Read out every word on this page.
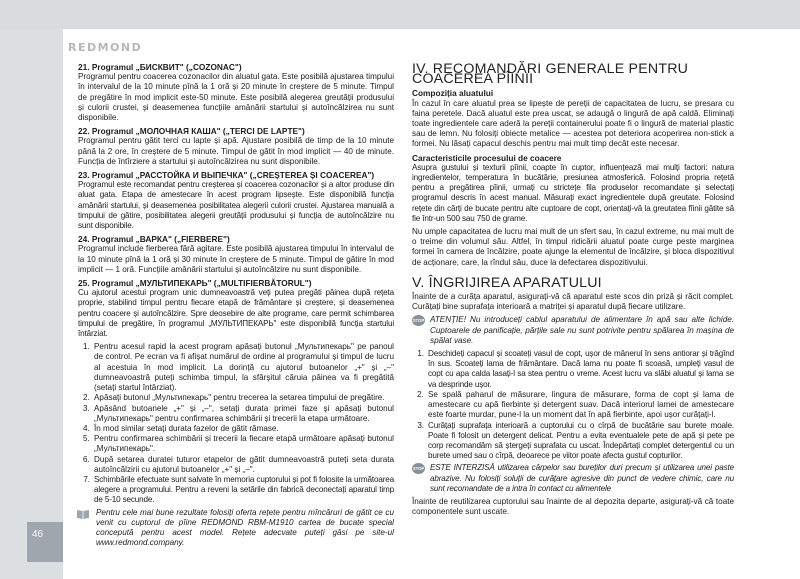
REDMOND
46
21. Programul „БИСКВИТ" („COZONAC")

Programul pentru coacerea cozonacilor din aluatul gata. Este posibilă ajustarea timpului în intervalul de la 10 minute pînă la 1 oră și 20 minute în creștere de 5 minute. Timpul de pregătire în mod implicit este-50 minute. Este posibilă alegerea greutății produsului și culorii crustei, și deasemenea funcțiile amânării startului și autoîncălzirea nu sunt disponibile.

22. Programul „МОЛОЧНАЯ КАША" („TERCI DE LAPTE")

Programul pentru gătit terci cu lapte și apă. Ajustare posibilă de timp de la 10 minute până la 2 ore, în creștere de 5 minute. Timpul de gătit în mod implicit — 40 de minute. Funcția de întîrziere a startului și autoîncălzirea nu sunt disponibile.

23. Programul „РАССТОЙКА И ВЫПЕЧКА" („CREȘTEREA ȘI COACEREA")

Programul este recomandat pentru creșterea și coacerea cozonacilor și a altor produse din aluat gata. Etapa de amestecare în acest program lipsește. Este disponibilă funcția amânării startului, și deasemenea posibilitatea alegerii culorii crustei. Ajustarea manuală a timpului de gătire, posibilitatea alegerii greutății produsului și funcția de autoîncălzire nu sunt disponibile.

24. Programul „ВАРКА" („FIERBERE")

Programul include fierberea fără agitare. Este posibilă ajustarea timpului în intervalul de la 10 minute pînă la 1 oră și 30 minute în creștere de 5 minute. Timpul de gătire în mod implicit — 1 oră. Funcțiile amânării startului și autoîncălzire nu sunt disponibile.

25. Programul „МУЛЬТИПЕКАРЬ" („MULTIFIERBĂTORUL")

Cu ajutorul acestui program unic dumneavoastră veți putea pregăti pâinea după rețeta proprie, stabilind timpul pentru fiecare etapă de frământare și creștere, și deasemenea pentru coacere și autoîncălzire. Spre deosebire de alte programe, care permit schimbarea timpului de pregătire, în programul „МУЛЬТИПЕКАРЬ" este disponibilă funcția startului întârziat.

1. Pentru acesul rapid la acest program apăsați butonul „Мультипекарь" pe panoul de control. Pe ecran va fi afișat numărul de ordine al programului și timpul de lucru al acestuia în mod implicit. La dorință cu ajutorul butoanelor „+" și „–" dumneavoastră puteți schimba timpul, la sfârșitul căruia pâinea va fi pregătită (setați startul întârziat).
2. Apăsați butonul „Мультипекарь" pentru trecerea la setarea timpului de pregătire.
3. Apăsând butoanele „+" și „–", setați durata primei faze și apăsați butonul „Мультипекарь" pentru confirmarea schimbării și trecerii la etapa următoare.
4. În mod similar setați durata fazelor de gătit rămase.
5. Pentru confirmarea schimbării și trecerii la fiecare etapă următoare apăsați butonul „Мультипекарь".
6. După setarea duratei tuturor etapelor de gătit dumneavoastră puteți seta durata autoîncălzirii cu ajutorul butoanelor „+" și „–".
7. Schimbările efectuate sunt salvate în memoria cuptorului și pot fi folosite la următoarea alegere a programului. Pentru a reveni la setările din fabrică deconectați aparatul timp de 5-10 secunde.
Pentru cele mai bune rezultate folosiți oferta rețete pentru mîncăruri de gătit ce cu venit cu cuptorul de pîine REDMOND RBM-M1910 cartea de bucate special concepută pentru acest model. Rețete adecvate puteți găsi pe site-ul www.redmond.company.
IV. RECOMANDĂRI GENERALE PENTRU COACEREA PÎINII
Compoziția aluatului

În cazul în care aluatul prea se lipește de pereții de capacitatea de lucru, se presara cu faina peretele. Dacă aluatul este prea uscat, se adaugă o lingură de apă caldă. Eliminați toate ingredientele care aderă la pereții containerului poate fi o lingură de material plastic sau de lemn. Nu folosiți obiecte metalice — acestea pot deteriora acoperirea non-stick a formei. Nu lăsați capacul deschis pentru mai mult timp decât este necesar.

Caracteristicile procesului de coacere

Asupra gustului și texturii pîinii, coapte în cuptor, influențează mai mulți factori: natura ingredientelor, temperatura în bucătărie, presiunea atmosferică. Folosind propria rețetă pentru a pregătirea pîinii, urmați cu strictețe fila produselor recomandate și selectați programul descris în acest manual. Măsurați exact ingredientele după greutate. Folosind rețete din cărți de bucate pentru alte cuptoare de copt, orientați-vă la greutatea fîinii gătite să fie într-un 500 sau 750 de grame.

Nu umple capacitatea de lucru mai mult de un sfert sau, în cazul extreme, nu mai mult de o treime din volumul său. Altfel, în timpul ridicării aluatul poate curge peste marginea formei în camera de încălzire, poate ajunge la elementul de încălzire, și bloca dispozitivul de acționare, care, la rîndul său, duce la defectarea dispozitivului.

V. ÎNGRIJIREA APARATULUI

Înainte de a curăța aparatul, asigurați-vă că aparatul este scos din priză și răcit complet. Curățați bine suprafața interioară a matriței și aparatul după fiecare utilizare.

STOP ATENȚIE! Nu introduceți cablul aparatului de alimentare în apă sau alte lichide. Cuptoarele de panificație, părțile sale nu sunt potrivite pentru spălarea în mașina de spălat vase.
1. Deschideți capacul și scoateți vasul de copt, ușor de mânerul în sens antiorar și trăgînd în sus. Scoateți lama de frământare. Dacă lama nu poate fi scoasă, umpleți vasul de copt cu apa calda lasați-l sa stea pentru o vreme. Acest lucru va slăbi aluatul și lama se va desprinde ușor.
2. Se spală paharul de măsurare, lingura de măsurare, forma de copt și lama de amestecare cu apă fierbinte și detergent suav. Dacă interiorul lamei de amestecare este foarte murdar, pune-l la un moment dat în apă fierbinte, apoi ușor curățați-l.
3. Curățați suprafața interioară a cuptorului cu o cîrpă de bucătărie sau burete moale. Poate fi folosit un detergent delicat. Pentru a evita eventualele pete de apă și pete pe corp recomandăm să ștergeți suprafata cu uscat. Îndepărtați complet detergentul cu un burete umed sau o cîrpă, deoarece pe viitor poate afecta gustul copturilor.
STOP ESTE INTERZISĂ utilizarea cârpelor sau bureților duri precum și utilizarea unei paste abrazive. Nu folosiți soluții de curățare agresive din punct de vedere chimic, care nu sunt recomandate de a intra în contact cu alimentele

Înainte de reutilizarea cuptorului sau înainte de al depozita departe, asigurați-vă că toate componentele sunt uscate.
